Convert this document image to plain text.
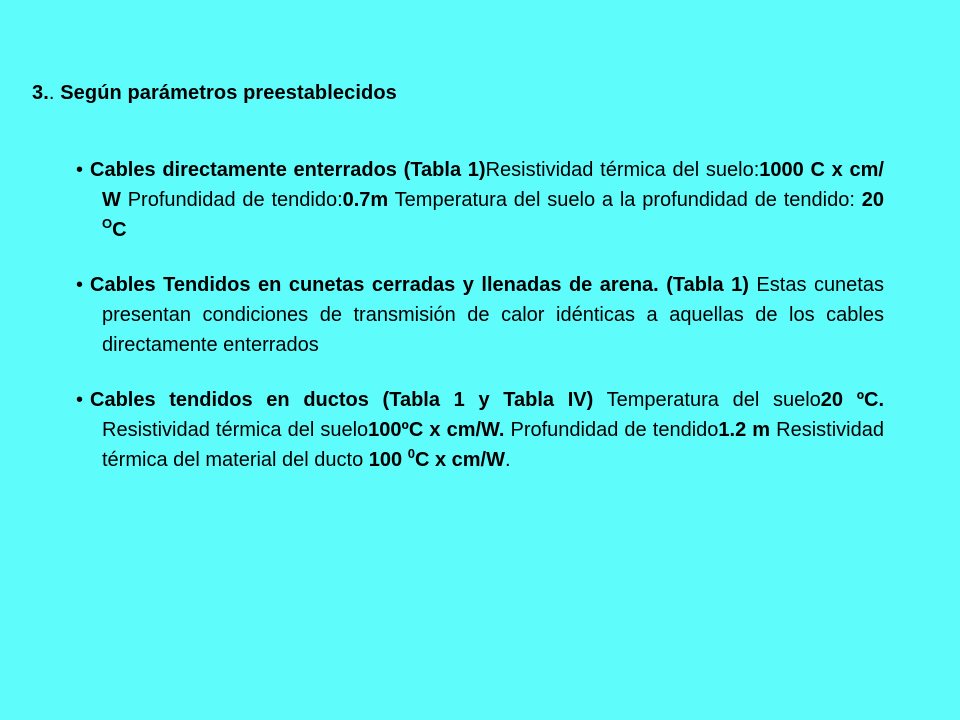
3.. Según parámetros preestablecidos
• Cables directamente enterrados (Tabla 1)Resistividad térmica del suelo:1000 C x cm/ W Profundidad de tendido:0.7m Temperatura del suelo a la profundidad de tendido: 20 $^O$C
• Cables Tendidos en cunetas cerradas y llenadas de arena. (Tabla 1) Estas cunetas presentan condiciones de transmisión de calor idénticas a aquellas de los cables directamente enterrados
• Cables tendidos en ductos (Tabla 1 y Tabla IV) Temperatura del suelo20 ºC. Resistividad térmica del suelo100ºC x cm/W. Profundidad de tendido1.2 m Resistividad térmica del material del ducto 100 $^0$C x cm/W.
